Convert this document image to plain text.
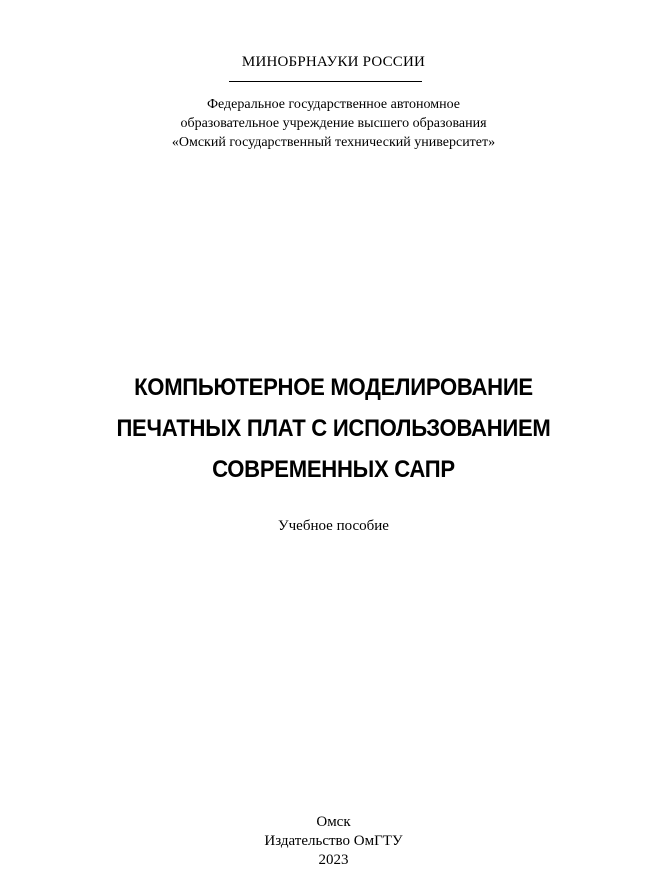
МИНОБРНАУКИ РОССИИ
Федеральное государственное автономное
образовательное учреждение высшего образования
«Омский государственный технический университет»
КОМПЬЮТЕРНОЕ МОДЕЛИРОВАНИЕ
ПЕЧАТНЫХ ПЛАТ С ИСПОЛЬЗОВАНИЕМ
СОВРЕМЕННЫХ САПР
Учебное пособие
Омск
Издательство ОмГТУ
2023
